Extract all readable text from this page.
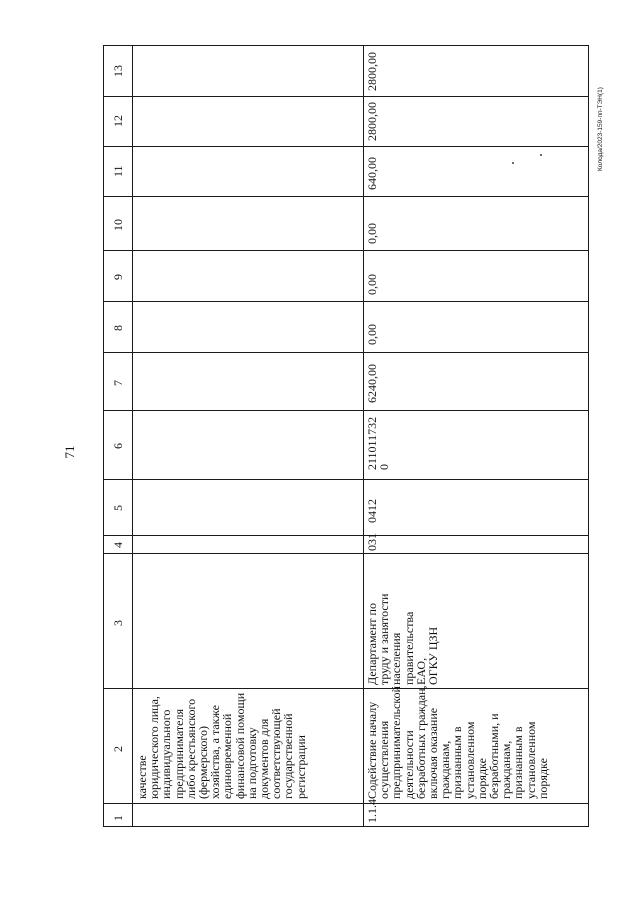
71
1
2
3
4
5
6
7
8
9
10
11
12
13
качестве
юридического лица,
индивидуального
предпринимателя
либо крестьянского
(фермерского)
хозяйства, а также
единовременной
финансовой помощи
на подготовку
документов для
соответствующей
государственной
регистрации
1.1.4
Содействие началу
осуществления
предпринимательской
деятельности
безработных граждан,
включая оказание
гражданам,
признанным в
установленном
порядке
безработными, и
гражданам,
признанным в
установленном
порядке
Департамент по
труду и занятости
населения
правительства
ЕАО,
ОГКУ ЦЗН
031
0412
211011732
0
6240,00
0,00
0,00
0,00
640,00
2800,00
2800,00
Колода/2023-159-пп-ТЭН(1)
